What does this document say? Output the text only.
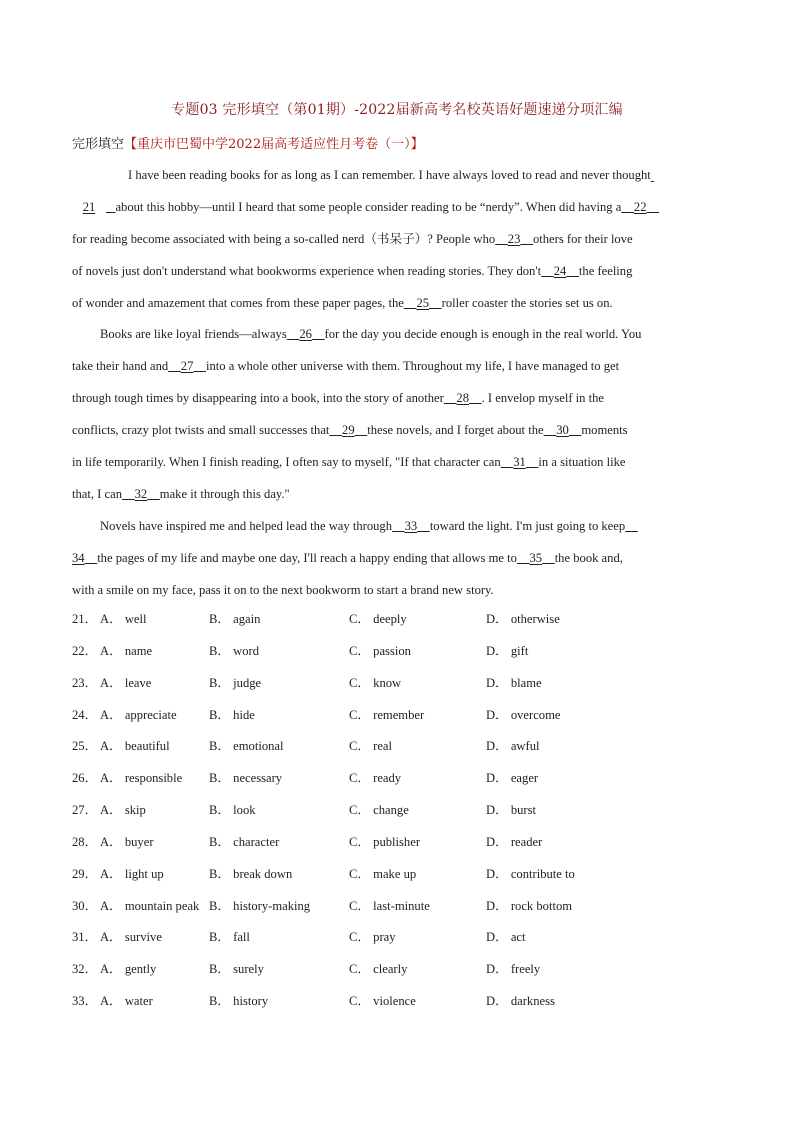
专题03 完形填空（第01期）-2022届新高考名校英语好题速递分项汇编
完形填空【重庆市巴蜀中学2022届高考适应性月考卷（一）】
I have been reading books for as long as I can remember. I have always loved to read and never thought
21 about this hobby—until I heard that some people consider reading to be “nerdy”. When did having a 22
for reading become associated with being a so-called nerd（书呆子）? People who 23 others for their love
of novels just don't understand what bookworms experience when reading stories. They don't 24 the feeling
of wonder and amazement that comes from these paper pages, the 25 roller coaster the stories set us on.
Books are like loyal friends—always 26 for the day you decide enough is enough in the real world. You
take their hand and 27 into a whole other universe with them. Throughout my life, I have managed to get
through tough times by disappearing into a book, into the story of another 28 . I envelop myself in the
conflicts, crazy plot twists and small successes that 29 these novels, and I forget about the 30 moments
in life temporarily. When I finish reading, I often say to myself, "If that character can 31 in a situation like
that, I can 32 make it through this day."
Novels have inspired me and helped lead the way through 33 toward the light. I'm just going to keep
34 the pages of my life and maybe one day, I'll reach a happy ending that allows me to 35 the book and,
with a smile on my face, pass it on to the next bookworm to start a brand new story.
21． A． well	B． again	C． deeply	D． otherwise
22． A． name	B． word	C． passion	D． gift
23． A． leave	B． judge	C． know	D． blame
24． A． appreciate	B． hide	C． remember	D． overcome
25． A． beautiful	B． emotional	C． real	D． awful
26． A． responsible B． necessary	C． ready	D． eager
27． A． skip	B． look	C． change	D． burst
28． A． buyer	B． character	C． publisher	D． reader
29． A． light up	B． break down	C． make up	D． contribute to
30． A． mountain peak B． history-making	C． last-minute	D． rock bottom
31． A． survive	B． fall	C． pray	D． act
32． A． gently	B． surely	C． clearly	D． freely
33． A． water	B． history	C． violence	D． darkness
